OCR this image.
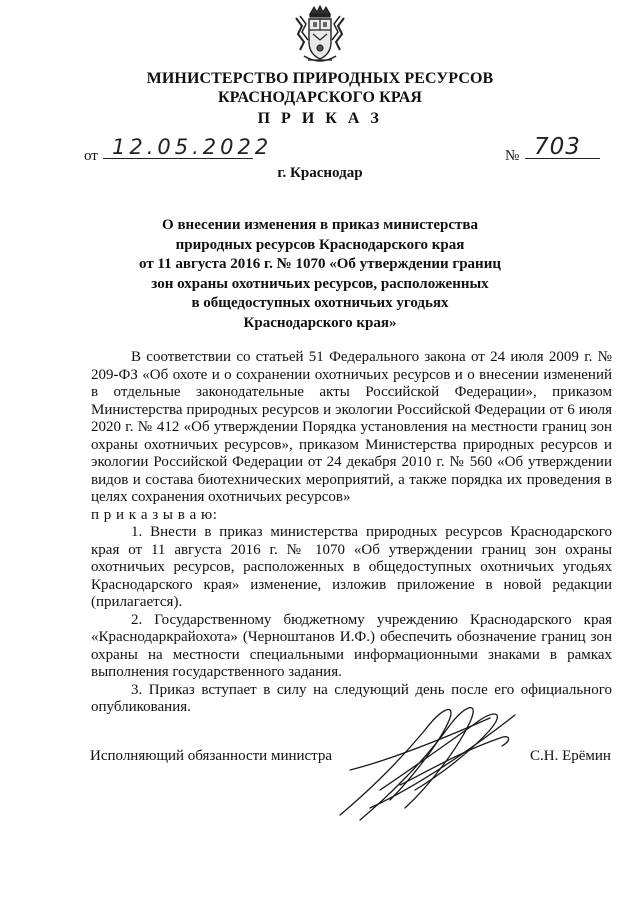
МИНИСТЕРСТВО ПРИРОДНЫХ РЕСУРСОВ
КРАСНОДАРСКОГО КРАЯ
П Р И К А З
от 12.05.2022	№ 703
г. Краснодар
О внесении изменения в приказ министерства
природных ресурсов Краснодарского края
от 11 августа 2016 г. № 1070 «Об утверждении границ
зон охраны охотничьих ресурсов, расположенных
в общедоступных охотничьих угодьях
Краснодарского края»

В соответствии со статьей 51 Федерального закона от 24 июля 2009 г. № 209-ФЗ «Об охоте и о сохранении охотничьих ресурсов и о внесении изменений в отдельные законодательные акты Российской Федерации», приказом Министерства природных ресурсов и экологии Российской Федерации от 6 июля 2020 г. № 412 «Об утверждении Порядка установления на местности границ зон охраны охотничьих ресурсов», приказом Министерства природных ресурсов и экологии Российской Федерации от 24 декабря 2010 г. № 560 «Об утверждении видов и состава биотехнических мероприятий, а также порядка их проведения в целях сохранения охотничьих ресурсов»

п р и к а з ы в а ю:

1. Внести в приказ министерства природных ресурсов Краснодарского края от 11 августа 2016 г. № 1070 «Об утверждении границ зон охраны охотничьих ресурсов, расположенных в общедоступных охотничьих угодьях Краснодарского края» изменение, изложив приложение в новой редакции (прилагается).

2. Государственному бюджетному учреждению Краснодарского края «Краснодаркрайохота» (Черноштанов И.Ф.) обеспечить обозначение границ зон охраны на местности специальными информационными знаками в рамках выполнения государственного задания.

3. Приказ вступает в силу на следующий день после его официального опубликования.

Исполняющий обязанности министра	С.Н. Ерёмин
